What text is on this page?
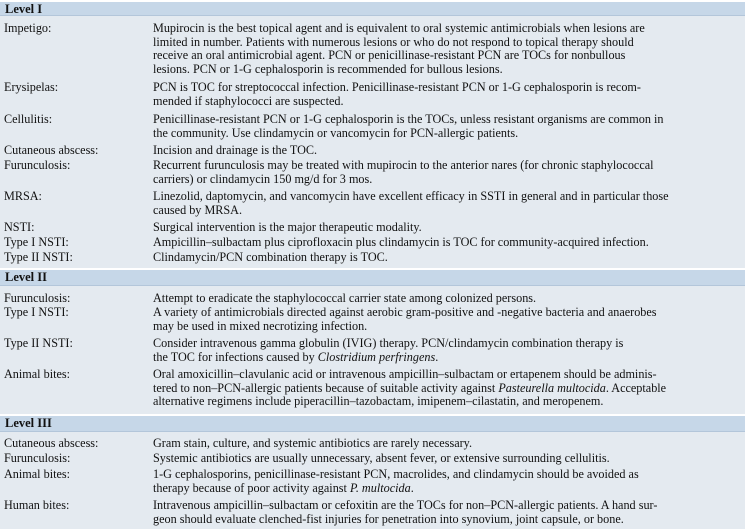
Level I
Impetigo:	Mupirocin is the best topical agent and is equivalent to oral systemic antimicrobials when lesions are
limited in number. Patients with numerous lesions or who do not respond to topical therapy should
receive an oral antimicrobial agent. PCN or penicillinase-resistant PCN are TOCs for nonbullous
lesions. PCN or 1-G cephalosporin is recommended for bullous lesions.
Erysipelas:	PCN is TOC for streptococcal infection. Penicillinase-resistant PCN or 1-G cephalosporin is recom-
mended if staphylococci are suspected.
Cellulitis:	Penicillinase-resistant PCN or 1-G cephalosporin is the TOCs, unless resistant organisms are common in
the community. Use clindamycin or vancomycin for PCN-allergic patients.
Cutaneous abscess:	Incision and drainage is the TOC.
Furunculosis:	Recurrent furunculosis may be treated with mupirocin to the anterior nares (for chronic staphylococcal
carriers) or clindamycin 150 mg/d for 3 mos.
MRSA:	Linezolid, daptomycin, and vancomycin have excellent efficacy in SSTI in general and in particular those
caused by MRSA.
NSTI:	Surgical intervention is the major therapeutic modality.
Type I NSTI:	Ampicillin–sulbactam plus ciprofloxacin plus clindamycin is TOC for community-acquired infection.
Type II NSTI:	Clindamycin/PCN combination therapy is TOC.
Level II
Furunculosis:	Attempt to eradicate the staphylococcal carrier state among colonized persons.
Type I NSTI:	A variety of antimicrobials directed against aerobic gram-positive and -negative bacteria and anaerobes
may be used in mixed necrotizing infection.
Type II NSTI:	Consider intravenous gamma globulin (IVIG) therapy. PCN/clindamycin combination therapy is
the TOC for infections caused by Clostridium perfringens.
Animal bites:	Oral amoxicillin–clavulanic acid or intravenous ampicillin–sulbactam or ertapenem should be adminis-
tered to non–PCN-allergic patients because of suitable activity against Pasteurella multocida. Acceptable
alternative regimens include piperacillin–tazobactam, imipenem–cilastatin, and meropenem.
Level III
Cutaneous abscess:	Gram stain, culture, and systemic antibiotics are rarely necessary.
Furunculosis:	Systemic antibiotics are usually unnecessary, absent fever, or extensive surrounding cellulitis.
Animal bites:	1-G cephalosporins, penicillinase-resistant PCN, macrolides, and clindamycin should be avoided as
therapy because of poor activity against P. multocida.
Human bites:	Intravenous ampicillin–sulbactam or cefoxitin are the TOCs for non–PCN-allergic patients. A hand sur-
geon should evaluate clenched-fist injuries for penetration into synovium, joint capsule, or bone.
